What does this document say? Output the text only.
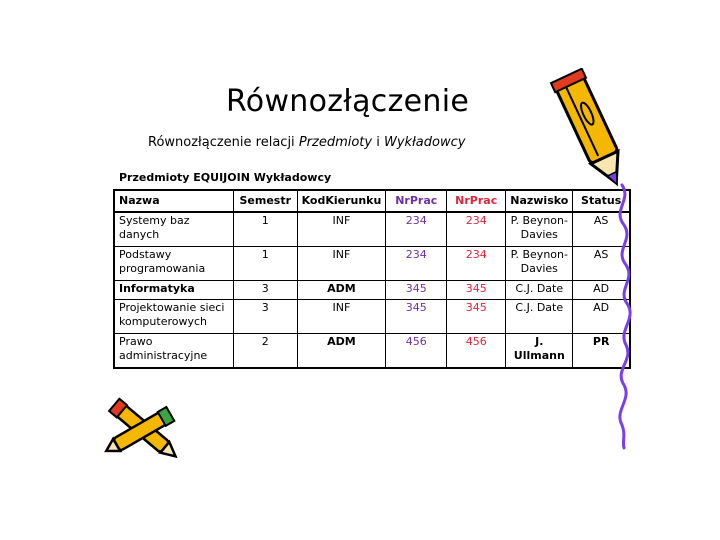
Równozłączenie
Równozłączenie relacji Przedmioty i Wykładowcy
Przedmioty EQUIJOIN Wykładowcy
Nazwa	Semestr	KodKierunku	NrPrac	NrPrac	Nazwisko	Status
Systemy baz danych	1	INF	234	234	P. Beynon-Davies	AS
Podstawy programowania	1	INF	234	234	P. Beynon-Davies	AS
Informatyka	3	ADM	345	345	C.J. Date	AD
Projektowanie sieci komputerowych	3	INF	345	345	C.J. Date	AD
Prawo administracyjne	2	ADM	456	456	J. Ullmann	PR
